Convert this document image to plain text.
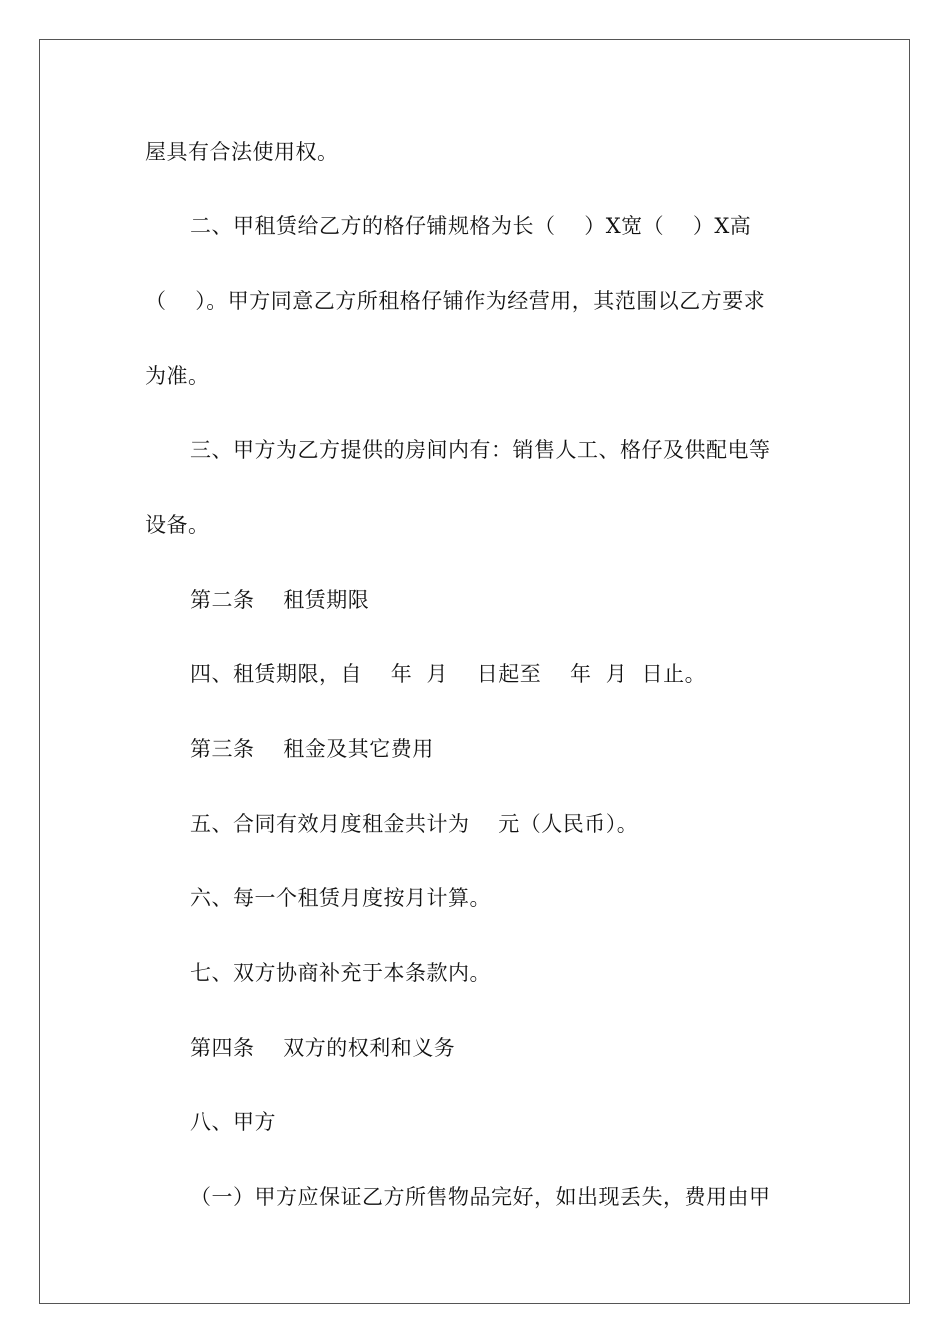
屋具有合法使用权。
二、甲租赁给乙方的格仔铺规格为长（    ）X宽（    ）X高
（    ）。甲方同意乙方所租格仔铺作为经营用，其范围以乙方要求
为准。
三、甲方为乙方提供的房间内有：销售人工、格仔及供配电等
设备。
第二条    租赁期限
四、租赁期限，自    年  月    日起至    年  月  日止。
第三条    租金及其它费用
五、合同有效月度租金共计为    元（人民币）。
六、每一个租赁月度按月计算。
七、双方协商补充于本条款内。
第四条    双方的权利和义务
八、甲方
（一）甲方应保证乙方所售物品完好，如出现丢失，费用由甲
